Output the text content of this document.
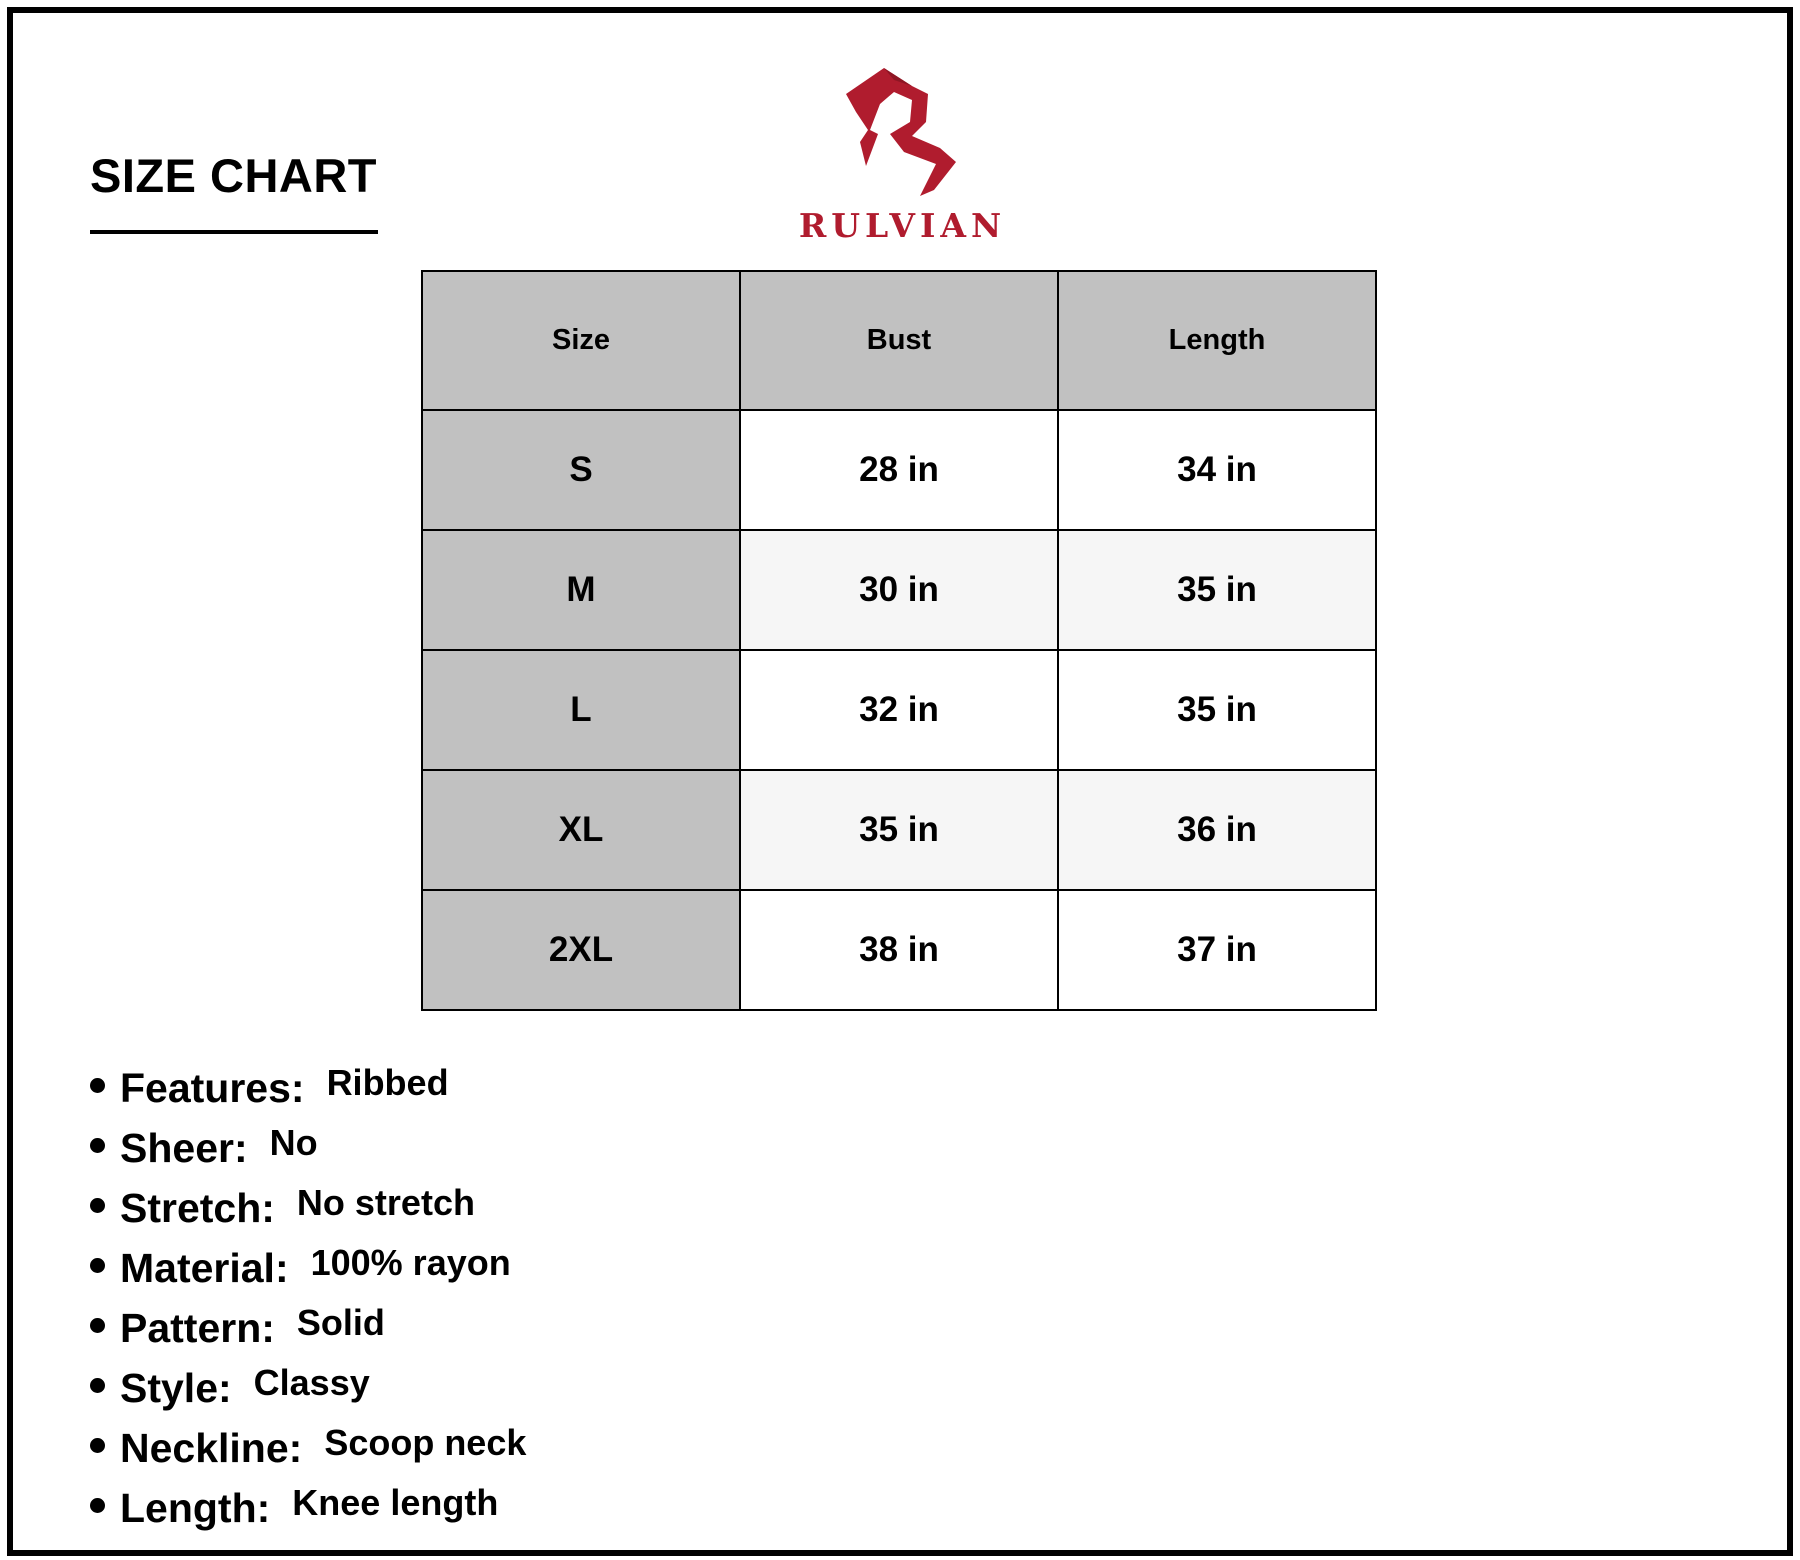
SIZE CHART
RULVIAN
Size	Bust	Length
S	28 in	34 in
M	30 in	35 in
L	32 in	35 in
XL	35 in	36 in
2XL	38 in	37 in
Features: Ribbed
Sheer: No
Stretch: No stretch
Material: 100% rayon
Pattern: Solid
Style: Classy
Neckline: Scoop neck
Length: Knee length
